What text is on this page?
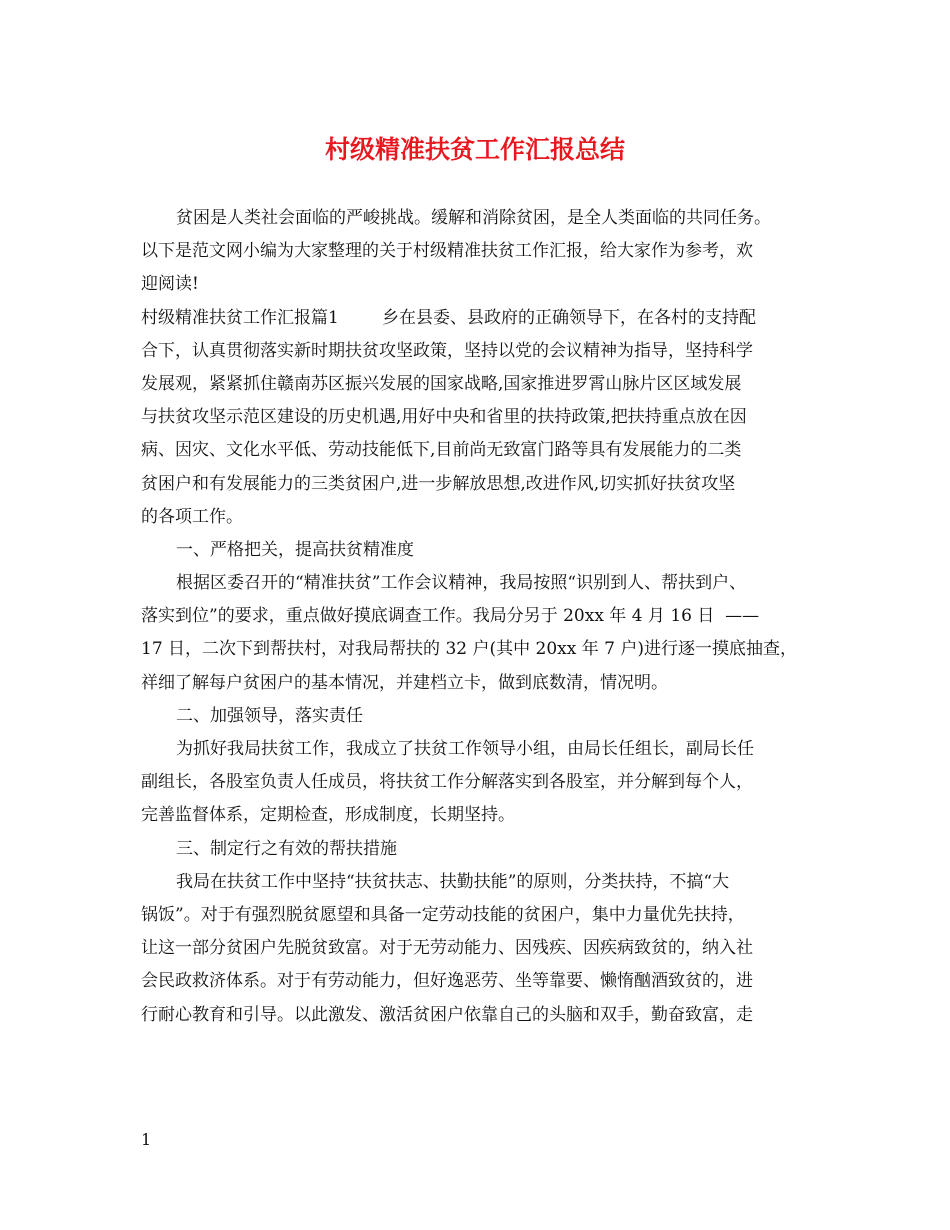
村级精准扶贫工作汇报总结
贫困是人类社会面临的严峻挑战。缓解和消除贫困，是全人类面临的共同任务。
以下是范文网小编为大家整理的关于村级精准扶贫工作汇报，给大家作为参考，欢
迎阅读!
村级精准扶贫工作汇报篇1        乡在县委、县政府的正确领导下，在各村的支持配
合下，认真贯彻落实新时期扶贫攻坚政策，坚持以党的会议精神为指导，坚持科学
发展观，紧紧抓住赣南苏区振兴发展的国家战略,国家推进罗霄山脉片区区域发展
与扶贫攻坚示范区建设的历史机遇,用好中央和省里的扶持政策,把扶持重点放在因
病、因灾、文化水平低、劳动技能低下,目前尚无致富门路等具有发展能力的二类
贫困户和有发展能力的三类贫困户,进一步解放思想,改进作风,切实抓好扶贫攻坚
的各项工作。
一、严格把关，提高扶贫精准度
根据区委召开的“精准扶贫”工作会议精神，我局按照“识别到人、帮扶到户、
落实到位”的要求，重点做好摸底调查工作。我局分另于 20xx 年 4 月 16 日  ——
17 日，二次下到帮扶村，对我局帮扶的 32 户(其中 20xx 年 7 户)进行逐一摸底抽查，
祥细了解每户贫困户的基本情况，并建档立卡，做到底数清，情况明。
二、加强领导，落实责任
为抓好我局扶贫工作，我成立了扶贫工作领导小组，由局长任组长，副局长任
副组长，各股室负责人任成员，将扶贫工作分解落实到各股室，并分解到每个人，
完善监督体系，定期检查，形成制度，长期坚持。
三、制定行之有效的帮扶措施
我局在扶贫工作中坚持“扶贫扶志、扶勤扶能”的原则，分类扶持，不搞“大
锅饭”。对于有强烈脱贫愿望和具备一定劳动技能的贫困户，集中力量优先扶持，
让这一部分贫困户先脱贫致富。对于无劳动能力、因残疾、因疾病致贫的，纳入社
会民政救济体系。对于有劳动能力，但好逸恶劳、坐等靠要、懒惰酗酒致贫的，进
行耐心教育和引导。以此激发、激活贫困户依靠自己的头脑和双手，勤奋致富，走
1
